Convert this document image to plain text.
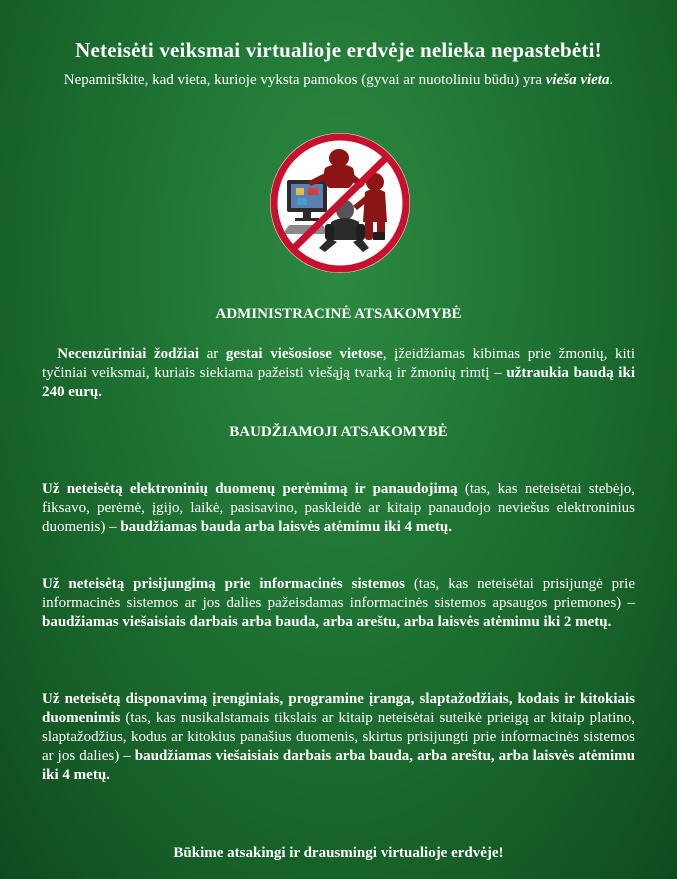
Neteisėti veiksmai virtualioje erdvėje nelieka nepastebėti!
Nepamirškite, kad vieta, kurioje vyksta pamokos (gyvai ar nuotoliniu būdu) yra vieša vieta.
ADMINISTRACINĖ ATSAKOMYBĖ
Necenzūriniai žodžiai ar gestai viešosiose vietose, įžeidžiamas kibimas prie žmonių, kiti tyčiniai veiksmai, kuriais siekiama pažeisti viešąją tvarką ir žmonių rimtį – užtraukia baudą iki 240 eurų.
BAUDŽIAMOJI ATSAKOMYBĖ
Už neteisėtą elektroninių duomenų perėmimą ir panaudojimą (tas, kas neteisėtai stebėjo, fiksavo, perėmė, įgijo, laikė, pasisavino, paskleidė ar kitaip panaudojo neviešus elektroninius duomenis) – baudžiamas bauda arba laisvės atėmimu iki 4 metų.
Už neteisėtą prisijungimą prie informacinės sistemos (tas, kas neteisėtai prisijungė prie informacinės sistemos ar jos dalies pažeisdamas informacinės sistemos apsaugos priemones) – baudžiamas viešaisiais darbais arba bauda, arba areštu, arba laisvės atėmimu iki 2 metų.
Už neteisėtą disponavimą įrenginiais, programine įranga, slaptažodžiais, kodais ir kitokiais duomenimis (tas, kas nusikalstamais tikslais ar kitaip neteisėtai suteikė prieigą ar kitaip platino, slaptažodžius, kodus ar kitokius panašius duomenis, skirtus prisijungti prie informacinės sistemos ar jos dalies) – baudžiamas viešaisiais darbais arba bauda, arba areštu, arba laisvės atėmimu iki 4 metų.
Būkime atsakingi ir drausmingi virtualioje erdvėje!
